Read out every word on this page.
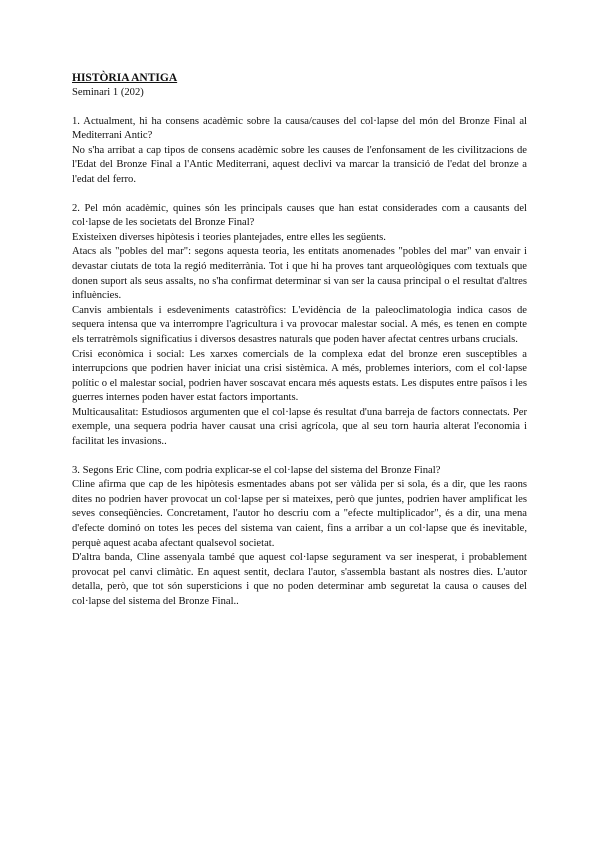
HISTÒRIA ANTIGA

Seminari 1 (202)

1. Actualment, hi ha consens acadèmic sobre la causa/causes del col·lapse del món del Bronze Final al Mediterrani Antic?

No s'ha arribat a cap tipos de consens acadèmic sobre les causes de l'enfonsament de les civilitzacions de l'Edat del Bronze Final a l'Antic Mediterrani, aquest declivi va marcar la transició de l'edat del bronze a l'edat del ferro.

2. Pel món acadèmic, quines són les principals causes que han estat considerades com a causants del col·lapse de les societats del Bronze Final?

Existeixen diverses hipòtesis i teories plantejades, entre elles les següents.

Atacs als "pobles del mar": segons aquesta teoria, les entitats anomenades "pobles del mar" van envair i devastar ciutats de tota la regió mediterrània. Tot i que hi ha proves tant arqueològiques com textuals que donen suport als seus assalts, no s'ha confirmat determinar si van ser la causa principal o el resultat d'altres influències.

Canvis ambientals i esdeveniments catastròfics: L'evidència de la paleoclimatologia indica casos de sequera intensa que va interrompre l'agricultura i va provocar malestar social. A més, es tenen en compte els terratrèmols significatius i diversos desastres naturals que poden haver afectat centres urbans crucials.

Crisi econòmica i social: Les xarxes comercials de la complexa edat del bronze eren susceptibles a interrupcions que podrien haver iniciat una crisi sistèmica. A més, problemes interiors, com el col·lapse polític o el malestar social, podrien haver soscavat encara més aquests estats. Les disputes entre països i les guerres internes poden haver estat factors importants.

Multicausalitat: Estudiosos argumenten que el col·lapse és resultat d'una barreja de factors connectats. Per exemple, una sequera podria haver causat una crisi agrícola, que al seu torn hauria alterat l'economia i facilitat les invasions..

3. Segons Eric Cline, com podria explicar-se el col·lapse del sistema del Bronze Final?

Cline afirma que cap de les hipòtesis esmentades abans pot ser vàlida per si sola, és a dir, que les raons dites no podrien haver provocat un col·lapse per si mateixes, però que juntes, podrien haver amplificat les seves conseqüències. Concretament, l'autor ho descriu com a "efecte multiplicador", és a dir, una mena d'efecte dominó on totes les peces del sistema van caient, fins a arribar a un col·lapse que és inevitable, perquè aquest acaba afectant qualsevol societat.

D'altra banda, Cline assenyala també que aquest col·lapse segurament va ser inesperat, i probablement provocat pel canvi climàtic. En aquest sentit, declara l'autor, s'assembla bastant als nostres dies. L'autor detalla, però, que tot són supersticions i que no poden determinar amb seguretat la causa o causes del col·lapse del sistema del Bronze Final..
